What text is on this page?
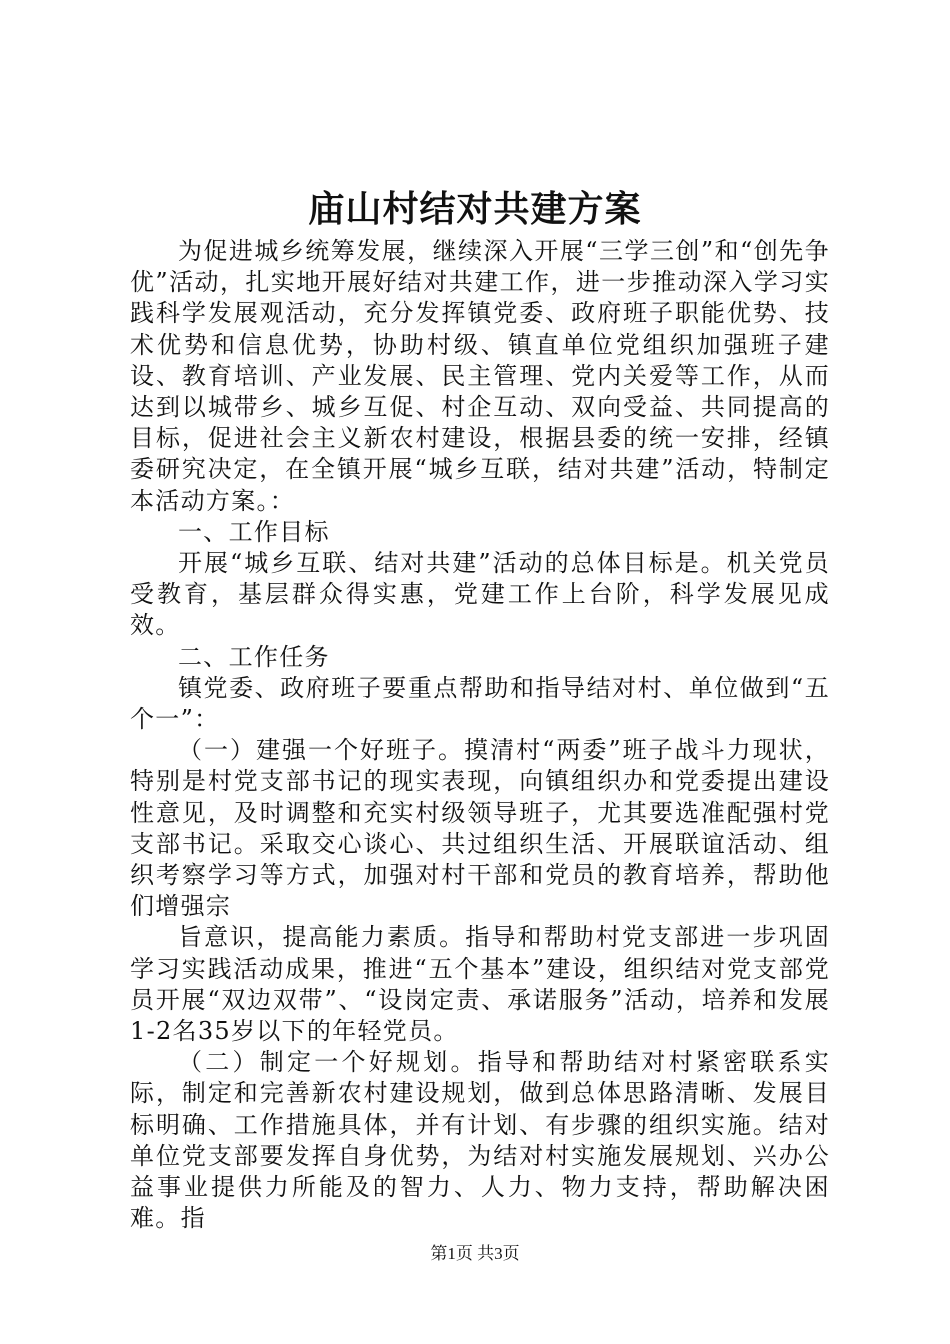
庙山村结对共建方案

为促进城乡统筹发展，继续深入开展“三学三创”和“创先争优”活动，扎实地开展好结对共建工作，进一步推动深入学习实践科学发展观活动，充分发挥镇党委、政府班子职能优势、技术优势和信息优势，协助村级、镇直单位党组织加强班子建设、教育培训、产业发展、民主管理、党内关爱等工作，从而达到以城带乡、城乡互促、村企互动、双向受益、共同提高的目标，促进社会主义新农村建设，根据县委的统一安排，经镇委研究决定，在全镇开展“城乡互联，结对共建”活动，特制定本活动方案。：

一、工作目标

开展“城乡互联、结对共建”活动的总体目标是。机关党员受教育，基层群众得实惠，党建工作上台阶，科学发展见成效。

二、工作任务

镇党委、政府班子要重点帮助和指导结对村、单位做到“五个一”：

（一）建强一个好班子。摸清村“两委”班子战斗力现状，特别是村党支部书记的现实表现，向镇组织办和党委提出建设性意见，及时调整和充实村级领导班子，尤其要选准配强村党支部书记。采取交心谈心、共过组织生活、开展联谊活动、组织考察学习等方式，加强对村干部和党员的教育培养，帮助他们增强宗

旨意识，提高能力素质。指导和帮助村党支部进一步巩固学习实践活动成果，推进“五个基本”建设，组织结对党支部党员开展“双边双带”、“设岗定责、承诺服务”活动，培养和发展1-2名35岁以下的年轻党员。

（二）制定一个好规划。指导和帮助结对村紧密联系实际，制定和完善新农村建设规划，做到总体思路清晰、发展目标明确、工作措施具体，并有计划、有步骤的组织实施。结对单位党支部要发挥自身优势，为结对村实施发展规划、兴办公益事业提供力所能及的智力、人力、物力支持，帮助解决困难。指

第1页 共3页
